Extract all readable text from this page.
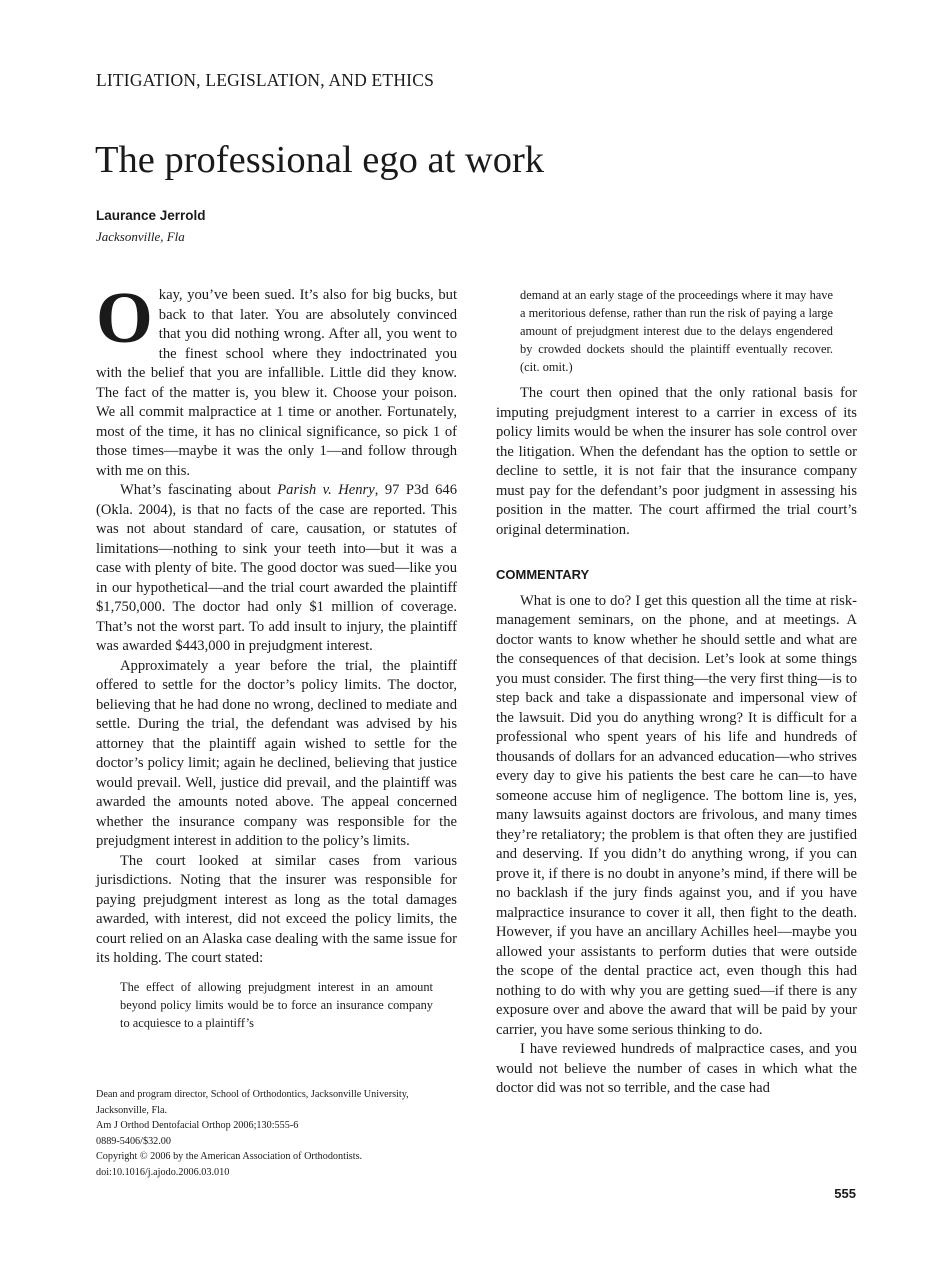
LITIGATION, LEGISLATION, AND ETHICS
The professional ego at work
Laurance Jerrold
Jacksonville, Fla

Okay, you’ve been sued. It’s also for big bucks, but back to that later. You are absolutely convinced that you did nothing wrong. After all, you went to the finest school where they indoctrinated you with the belief that you are infallible. Little did they know. The fact of the matter is, you blew it. Choose your poison. We all commit malpractice at 1 time or another. Fortunately, most of the time, it has no clinical significance, so pick 1 of those times—maybe it was the only 1—and follow through with me on this.

What’s fascinating about Parish v. Henry, 97 P3d 646 (Okla. 2004), is that no facts of the case are reported. This was not about standard of care, causation, or statutes of limitations—nothing to sink your teeth into—but it was a case with plenty of bite. The good doctor was sued—like you in our hypothetical—and the trial court awarded the plaintiff $1,750,000. The doctor had only $1 million of coverage. That’s not the worst part. To add insult to injury, the plaintiff was awarded $443,000 in prejudgment interest.

Approximately a year before the trial, the plaintiff offered to settle for the doctor’s policy limits. The doctor, believing that he had done no wrong, declined to mediate and settle. During the trial, the defendant was advised by his attorney that the plaintiff again wished to settle for the doctor’s policy limit; again he declined, believing that justice would prevail. Well, justice did prevail, and the plaintiff was awarded the amounts noted above. The appeal concerned whether the insurance company was responsible for the prejudgment interest in addition to the policy’s limits.

The court looked at similar cases from various jurisdictions. Noting that the insurer was responsible for paying prejudgment interest as long as the total damages awarded, with interest, did not exceed the policy limits, the court relied on an Alaska case dealing with the same issue for its holding. The court stated:

The effect of allowing prejudgment interest in an amount beyond policy limits would be to force an insurance company to acquiesce to a plaintiff’s
demand at an early stage of the proceedings where it may have a meritorious defense, rather than run the risk of paying a large amount of prejudgment interest due to the delays engendered by crowded dockets should the plaintiff eventually recover. (cit. omit.)

The court then opined that the only rational basis for imputing prejudgment interest to a carrier in excess of its policy limits would be when the insurer has sole control over the litigation. When the defendant has the option to settle or decline to settle, it is not fair that the insurance company must pay for the defendant’s poor judgment in assessing his position in the matter. The court affirmed the trial court’s original determination.

COMMENTARY

What is one to do? I get this question all the time at risk-management seminars, on the phone, and at meetings. A doctor wants to know whether he should settle and what are the consequences of that decision. Let’s look at some things you must consider. The first thing—the very first thing—is to step back and take a dispassionate and impersonal view of the lawsuit. Did you do anything wrong? It is difficult for a professional who spent years of his life and hundreds of thousands of dollars for an advanced education—who strives every day to give his patients the best care he can—to have someone accuse him of negligence. The bottom line is, yes, many lawsuits against doctors are frivolous, and many times they’re retaliatory; the problem is that often they are justified and deserving. If you didn’t do anything wrong, if you can prove it, if there is no doubt in anyone’s mind, if there will be no backlash if the jury finds against you, and if you have malpractice insurance to cover it all, then fight to the death. However, if you have an ancillary Achilles heel—maybe you allowed your assistants to perform duties that were outside the scope of the dental practice act, even though this had nothing to do with why you are getting sued—if there is any exposure over and above the award that will be paid by your carrier, you have some serious thinking to do.

I have reviewed hundreds of malpractice cases, and you would not believe the number of cases in which what the doctor did was not so terrible, and the case had

Dean and program director, School of Orthodontics, Jacksonville University,
Jacksonville, Fla.
Am J Orthod Dentofacial Orthop 2006;130:555-6
0889-5406/$32.00
Copyright © 2006 by the American Association of Orthodontists.
doi:10.1016/j.ajodo.2006.03.010
555
